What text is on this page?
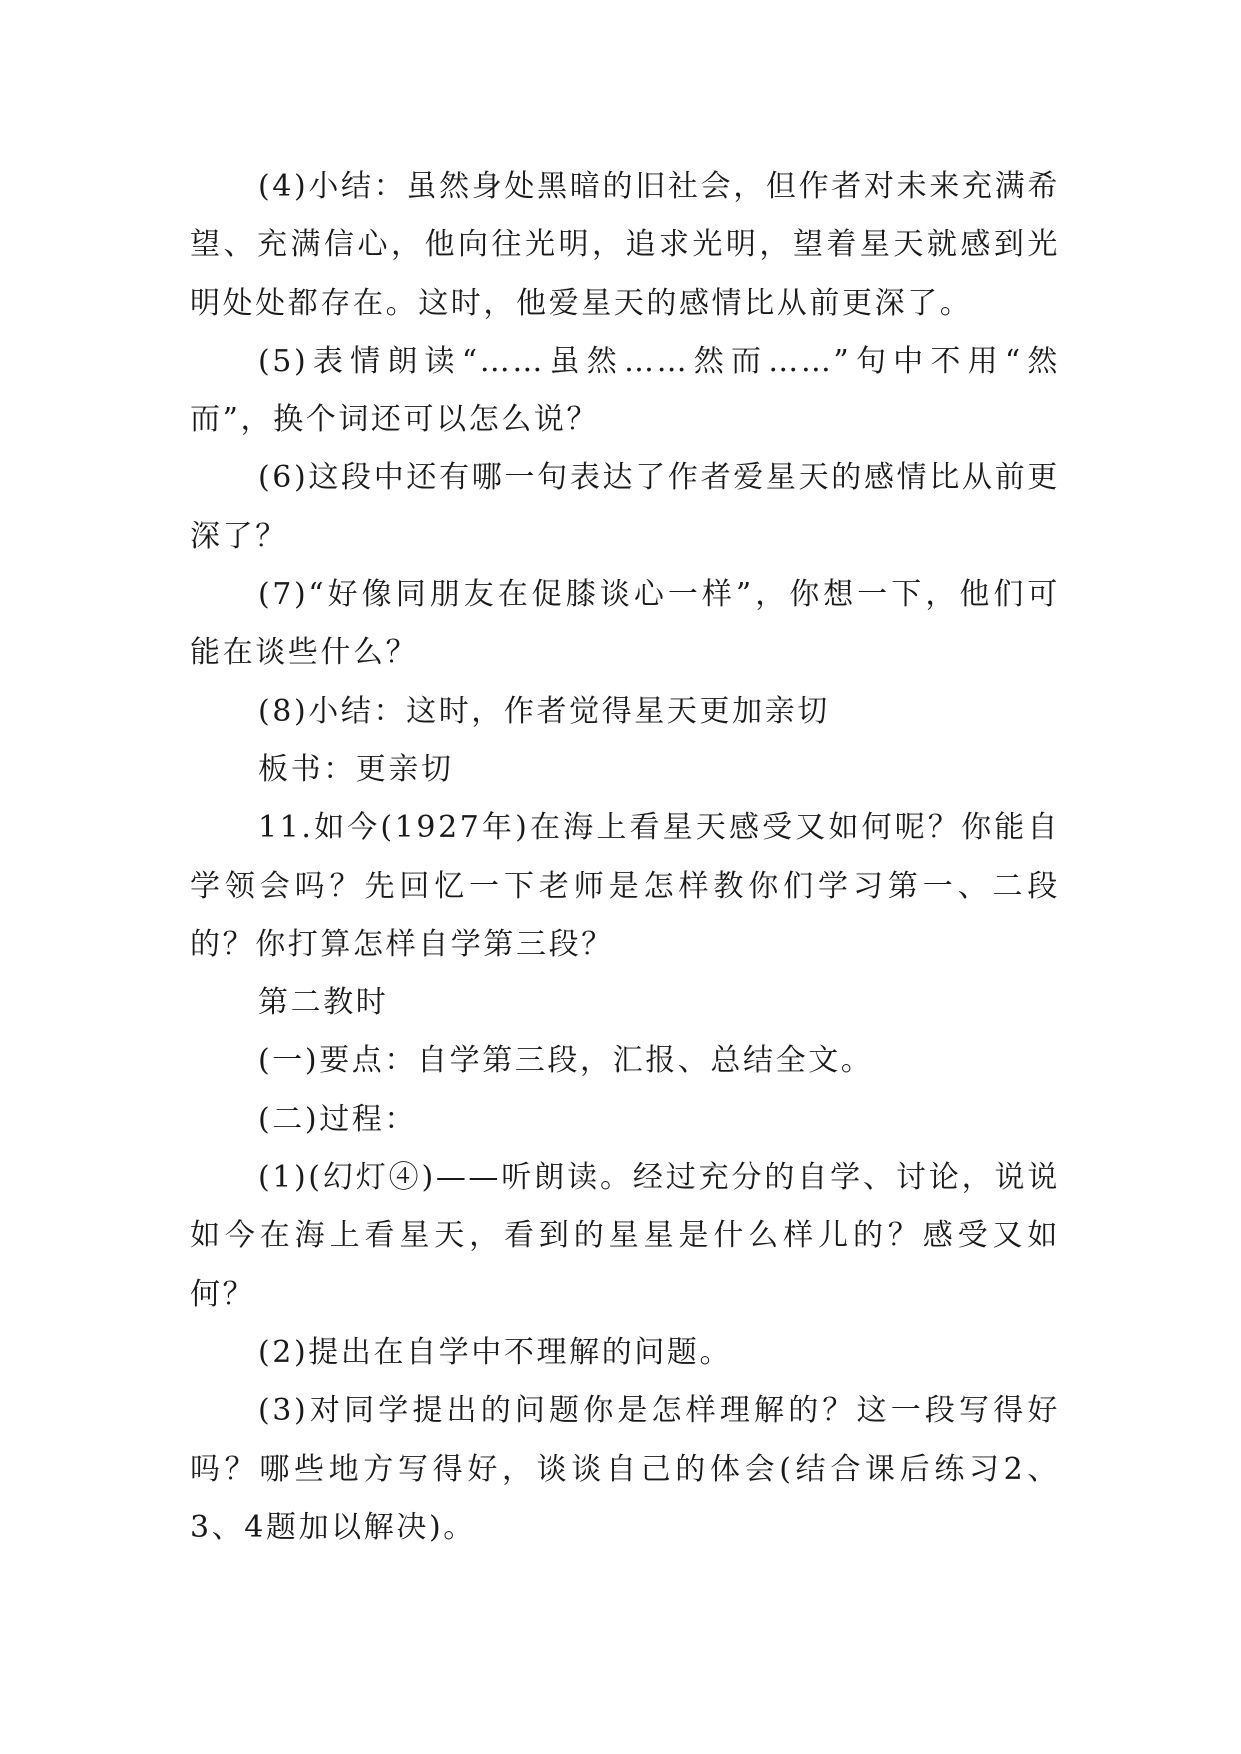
(4)小结：虽然身处黑暗的旧社会，但作者对未来充满希望、充满信心，他向往光明，追求光明，望着星天就感到光明处处都存在。这时，他爱星天的感情比从前更深了。

(5)表情朗读“……虽然……然而……”句中不用“然而”，换个词还可以怎么说？

(6)这段中还有哪一句表达了作者爱星天的感情比从前更深了？

(7)“好像同朋友在促膝谈心一样”，你想一下，他们可能在谈些什么？

(8)小结：这时，作者觉得星天更加亲切

板书：更亲切

11.如今(1927年)在海上看星天感受又如何呢？你能自学领会吗？先回忆一下老师是怎样教你们学习第一、二段的？你打算怎样自学第三段？

第二教时

(一)要点：自学第三段，汇报、总结全文。

(二)过程：

(1)(幻灯④)——听朗读。经过充分的自学、讨论，说说如今在海上看星天，看到的星星是什么样儿的？感受又如何？

(2)提出在自学中不理解的问题。

(3)对同学提出的问题你是怎样理解的？这一段写得好吗？哪些地方写得好，谈谈自己的体会(结合课后练习2、3、4题加以解决)。
